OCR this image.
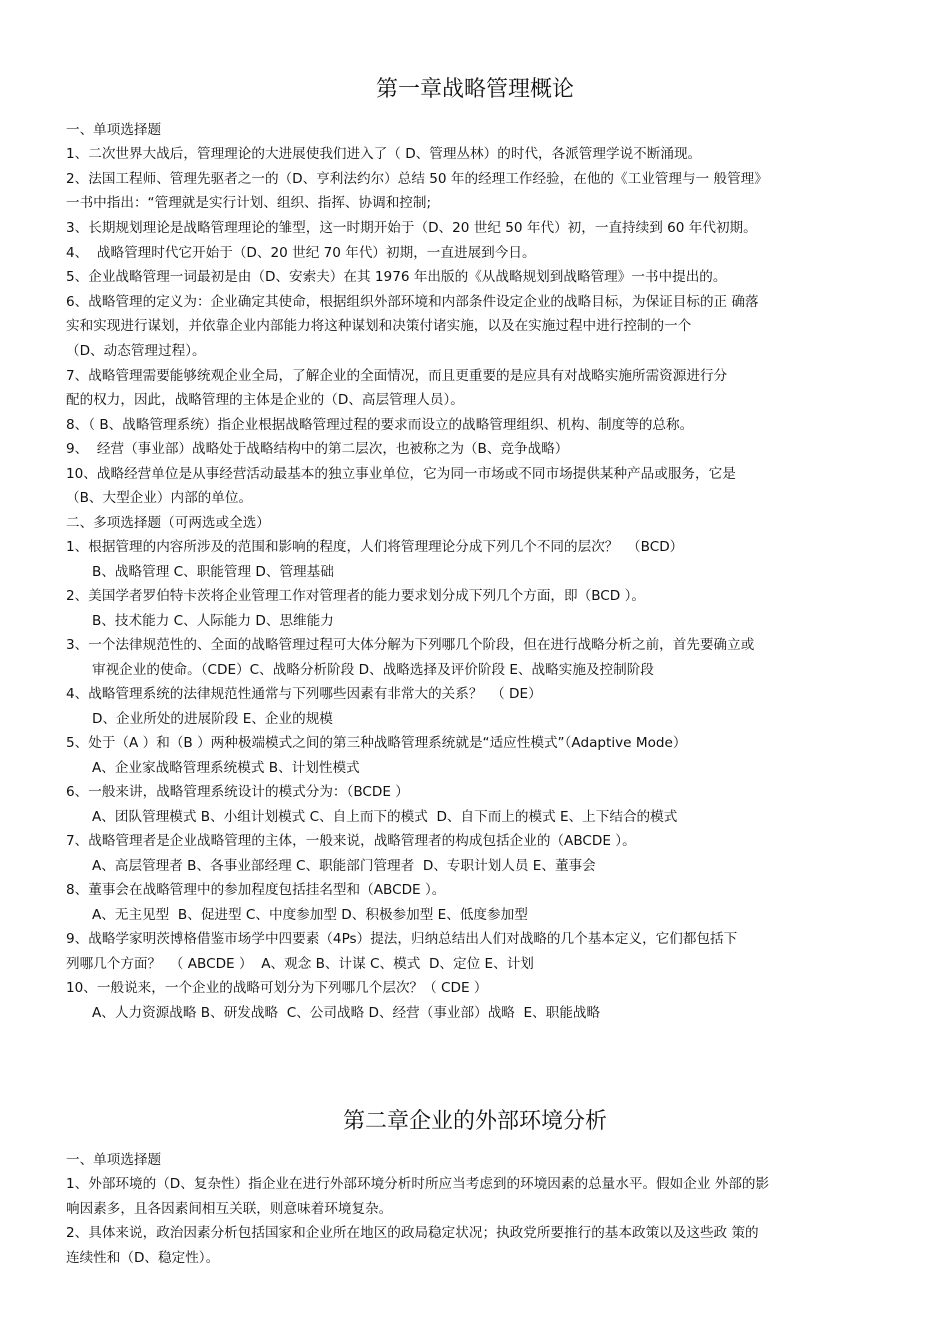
第一章战略管理概论
一、单项选择题
1、二次世界大战后，管理理论的大进展使我们进入了（ D、管理丛林）的时代，各派管理学说不断涌现。
2、法国工程师、管理先驱者之一的（D、亨利法约尔）总结 50 年的经理工作经验，在他的《工业管理与一 般管理》
一书中指出：“管理就是实行计划、组织、指挥、协调和控制;
3、长期规划理论是战略管理理论的雏型，这一时期开始于（D、20 世纪 50 年代）初，一直持续到 60 年代初期。
4、  战略管理时代它开始于（D、20 世纪 70 年代）初期，一直进展到今日。
5、企业战略管理一词最初是由（D、安索夫）在其 1976 年出版的《从战略规划到战略管理》一书中提出的。
6、战略管理的定义为：企业确定其使命，根据组织外部环境和内部条件设定企业的战略目标，为保证目标的正 确落
实和实现进行谋划，并依靠企业内部能力将这种谋划和决策付诸实施，以及在实施过程中进行控制的一个
（D、动态管理过程）。
7、战略管理需要能够统观企业全局，了解企业的全面情况，而且更重要的是应具有对战略实施所需资源进行分
配的权力，因此，战略管理的主体是企业的（D、高层管理人员）。
8、（ B、战略管理系统）指企业根据战略管理过程的要求而设立的战略管理组织、机构、制度等的总称。
9、  经营（事业部）战略处于战略结构中的第二层次，也被称之为（B、竞争战略）
10、战略经营单位是从事经营活动最基本的独立事业单位，它为同一市场或不同市场提供某种产品或服务，它是
（B、大型企业）内部的单位。
二、多项选择题（可两选或全选）
1、根据管理的内容所涉及的范围和影响的程度，人们将管理理论分成下列几个不同的层次？  （BCD）
B、战略管理 C、职能管理 D、管理基础
2、美国学者罗伯特卡茨将企业管理工作对管理者的能力要求划分成下列几个方面，即（BCD ）。
B、技术能力 C、人际能力 D、思维能力
3、一个法律规范性的、全面的战略管理过程可大体分解为下列哪几个阶段，但在进行战略分析之前，首先要确立或
审视企业的使命。（CDE）C、战略分析阶段 D、战略选择及评价阶段 E、战略实施及控制阶段
4、战略管理系统的法律规范性通常与下列哪些因素有非常大的关系？  （ DE）
D、企业所处的进展阶段 E、企业的规模
5、处于（A ）和（B ）两种极端模式之间的第三种战略管理系统就是“适应性模式”（Adaptive Mode）
A、企业家战略管理系统模式 B、计划性模式
6、一般来讲，战略管理系统设计的模式分为：（BCDE ）
A、团队管理模式 B、小组计划模式 C、自上而下的模式  D、自下而上的模式 E、上下结合的模式
7、战略管理者是企业战略管理的主体，一般来说，战略管理者的构成包括企业的（ABCDE ）。
A、高层管理者 B、各事业部经理 C、职能部门管理者  D、专职计划人员 E、董事会
8、董事会在战略管理中的参加程度包括挂名型和（ABCDE ）。
A、无主见型  B、促进型 C、中度参加型 D、积极参加型 E、低度参加型
9、战略学家明茨博格借鉴市场学中四要素（4Ps）提法，归纳总结出人们对战略的几个基本定义，它们都包括下
列哪几个方面？  （ ABCDE ）  A、观念 B、计谋 C、模式  D、定位 E、计划
10、一般说来，一个企业的战略可划分为下列哪几个层次？（ CDE ）
A、人力资源战略 B、研发战略  C、公司战略 D、经营（事业部）战略  E、职能战略
第二章企业的外部环境分析
一、单项选择题
1、外部环境的（D、复杂性）指企业在进行外部环境分析时所应当考虑到的环境因素的总量水平。假如企业 外部的影
响因素多，且各因素间相互关联，则意味着环境复杂。
2、具体来说，政治因素分析包括国家和企业所在地区的政局稳定状况；执政党所要推行的基本政策以及这些政 策的
连续性和（D、稳定性）。
